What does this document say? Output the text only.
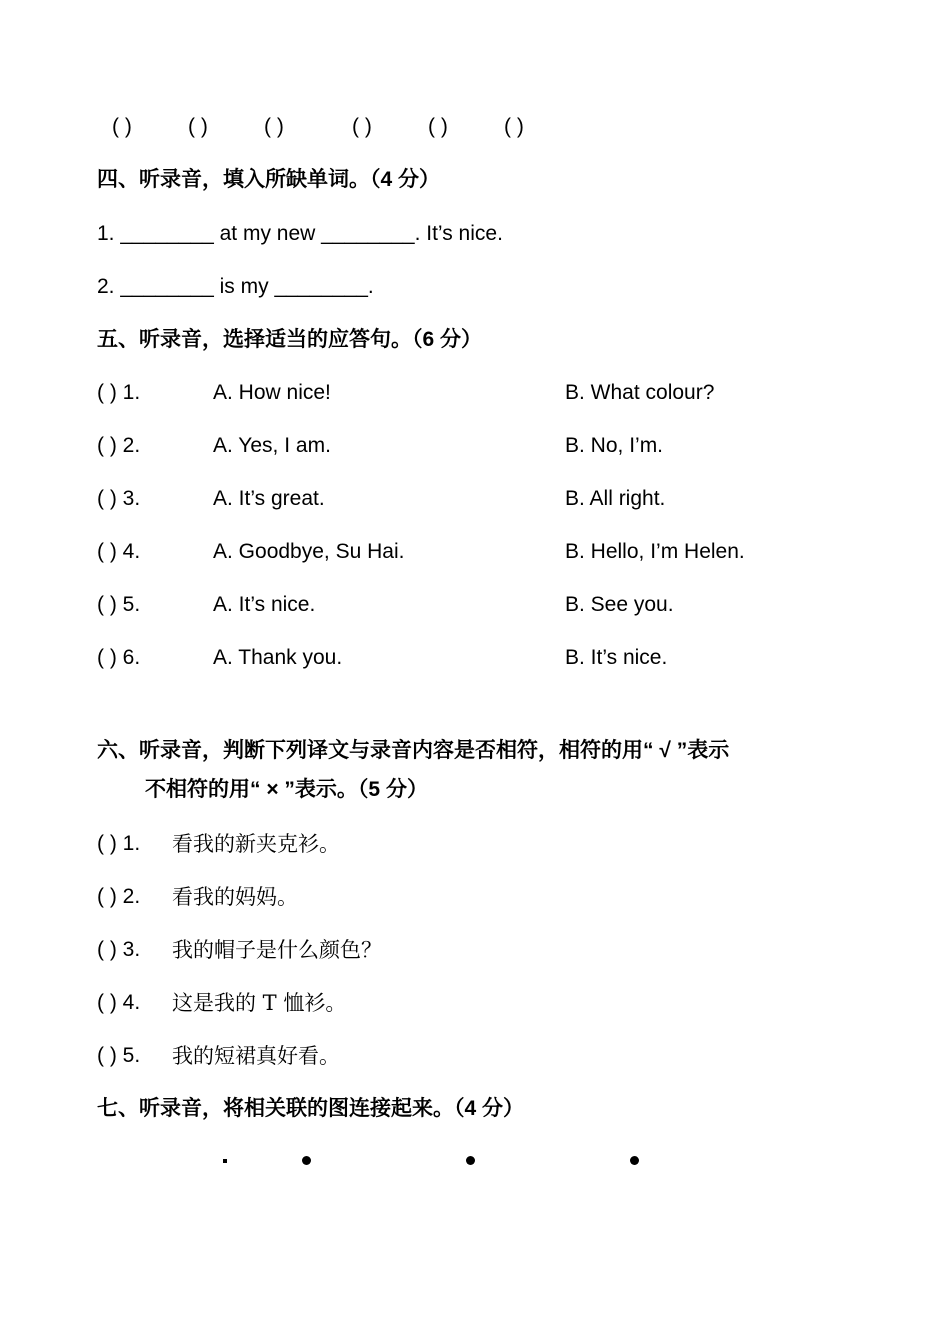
( )	( )	( )	( )	( )	( )
四、听录音，填入所缺单词。（4 分）
1. ________ at my new ________. It’s nice.
2. ________ is my ________.
五、听录音，选择适当的应答句。（6 分）
( ) 1.	A. How nice!	B. What colour?
( ) 2.	A. Yes, I am.	B. No, I’m.
( ) 3.	A. It’s great.	B. All right.
( ) 4.	A. Goodbye, Su Hai.	B. Hello, I’m Helen.
( ) 5.	A. It’s nice.	B. See you.
( ) 6.	A. Thank you.	B. It’s nice.
六、听录音，判断下列译文与录音内容是否相符，相符的用“ √ ”表示
不相符的用“ × ”表示。（5 分）
( ) 1. 看我的新夹克衫。
( ) 2. 看我的妈妈。
( ) 3. 我的帽子是什么颜色？
( ) 4. 这是我的 T 恤衫。
( ) 5. 我的短裙真好看。
七、听录音，将相关联的图连接起来。（4 分）
